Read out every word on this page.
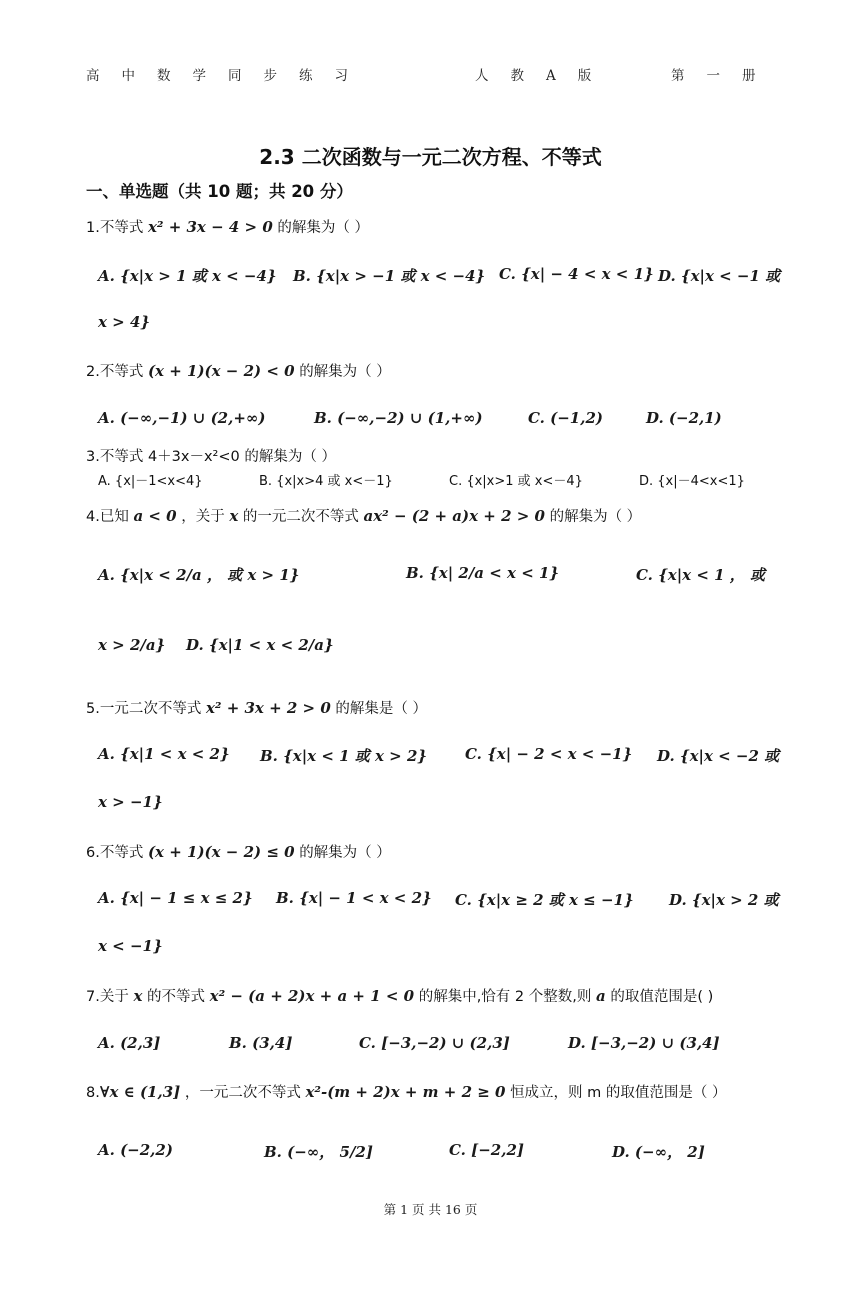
高中数学同步练习	人教A版	第一册
2.3 二次函数与一元二次方程、不等式
一、单选题（共 10 题；共 20 分）
1.不等式 x² + 3x − 4 > 0 的解集为（ ）
A. {x|x > 1 或 x < −4} B. {x|x > −1 或 x < −4} C. {x| − 4 < x < 1} D. {x|x < −1 或
x > 4}
2.不等式 (x + 1)(x − 2) < 0 的解集为（ ）
A. (−∞,−1) ∪ (2,+∞)	B. (−∞,−2) ∪ (1,+∞)	C. (−1,2)	D. (−2,1)
3.不等式 4＋3x－x²<0 的解集为（ ）
A. {x|－1<x<4}	B. {x|x>4 或 x<－1}	C. {x|x>1 或 x<－4}	D. {x|－4<x<1}
4.已知 a < 0 ，关于 x 的一元二次不等式 ax² − (2 + a)x + 2 > 0 的解集为（ ）
A. {x|x < 2/a ， 或 x > 1}	B. {x| 2/a < x < 1}	C. {x|x < 1 ， 或
x > 2/a} D. {x|1 < x < 2/a}
5.一元二次不等式 x² + 3x + 2 > 0 的解集是（ ）
A. {x|1 < x < 2} B. {x|x < 1 或 x > 2}	C. {x| − 2 < x < −1} D. {x|x < −2 或
x > −1}
6.不等式 (x + 1)(x − 2) ≤ 0 的解集为（ ）
A. {x| − 1 ≤ x ≤ 2} B. {x| − 1 < x < 2} C. {x|x ≥ 2 或 x ≤ −1} D. {x|x > 2 或
x < −1}
7.关于 x 的不等式 x² − (a + 2)x + a + 1 < 0 的解集中,恰有 2 个整数,则 a 的取值范围是( )
A. (2,3]	B. (3,4]	C. [−3,−2) ∪ (2,3]	D. [−3,−2) ∪ (3,4]
8.∀x ∈ (1,3] ，一元二次不等式 x²-(m + 2)x + m + 2 ≥ 0 恒成立，则 m 的取值范围是（ ）
A. (−2,2)	B. (−∞， 5/2]	C. [−2,2]	D. (−∞， 2]
第 1 页 共 16 页
